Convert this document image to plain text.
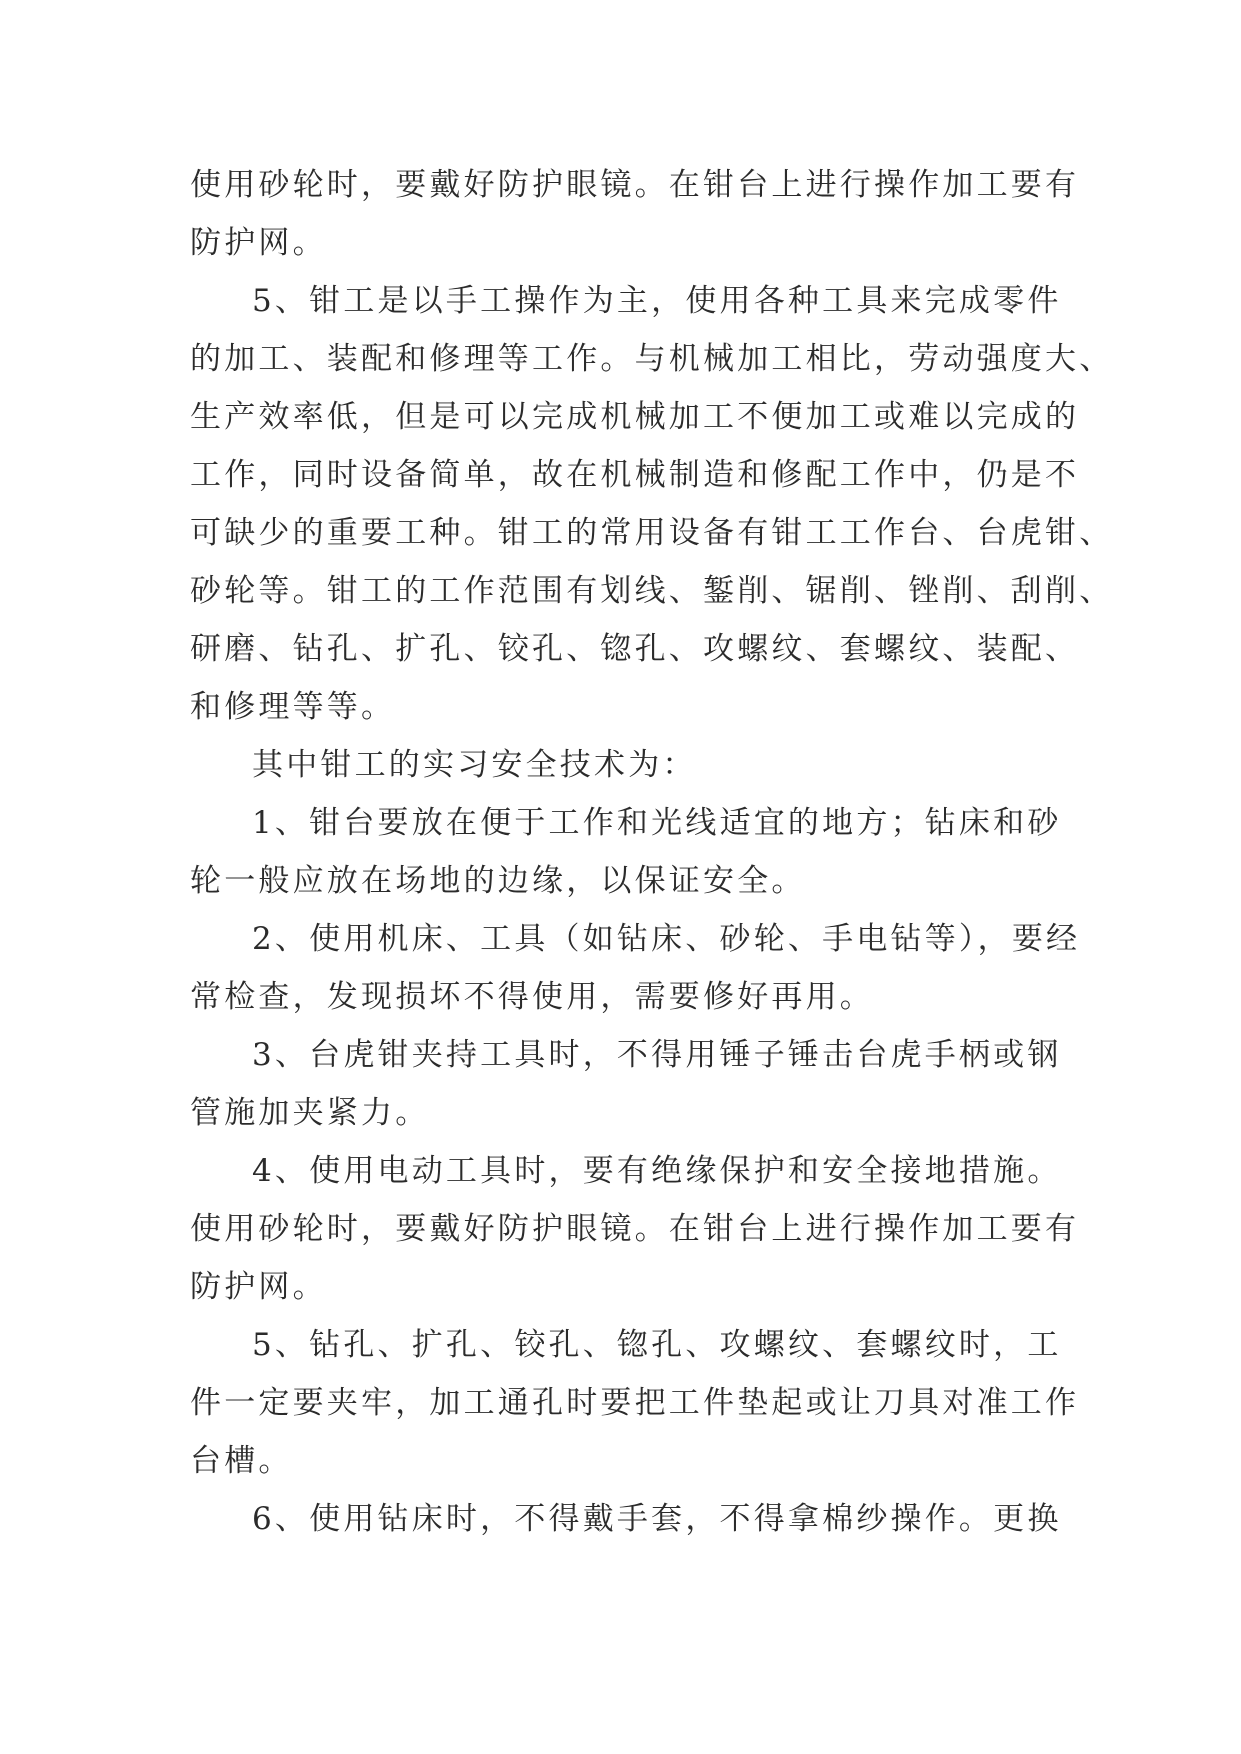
使用砂轮时，要戴好防护眼镜。在钳台上进行操作加工要有
防护网。
5、钳工是以手工操作为主，使用各种工具来完成零件
的加工、装配和修理等工作。与机械加工相比，劳动强度大、
生产效率低，但是可以完成机械加工不便加工或难以完成的
工作，同时设备简单，故在机械制造和修配工作中，仍是不
可缺少的重要工种。钳工的常用设备有钳工工作台、台虎钳、
砂轮等。钳工的工作范围有划线、錾削、锯削、锉削、刮削、
研磨、钻孔、扩孔、铰孔、锪孔、攻螺纹、套螺纹、装配、
和修理等等。
其中钳工的实习安全技术为：
1、钳台要放在便于工作和光线适宜的地方；钻床和砂
轮一般应放在场地的边缘，以保证安全。
2、使用机床、工具（如钻床、砂轮、手电钻等），要经
常检查，发现损坏不得使用，需要修好再用。
3、台虎钳夹持工具时，不得用锤子锤击台虎手柄或钢
管施加夹紧力。
4、使用电动工具时，要有绝缘保护和安全接地措施。
使用砂轮时，要戴好防护眼镜。在钳台上进行操作加工要有
防护网。
5、钻孔、扩孔、铰孔、锪孔、攻螺纹、套螺纹时，工
件一定要夹牢，加工通孔时要把工件垫起或让刀具对准工作
台槽。
6、使用钻床时，不得戴手套，不得拿棉纱操作。更换
